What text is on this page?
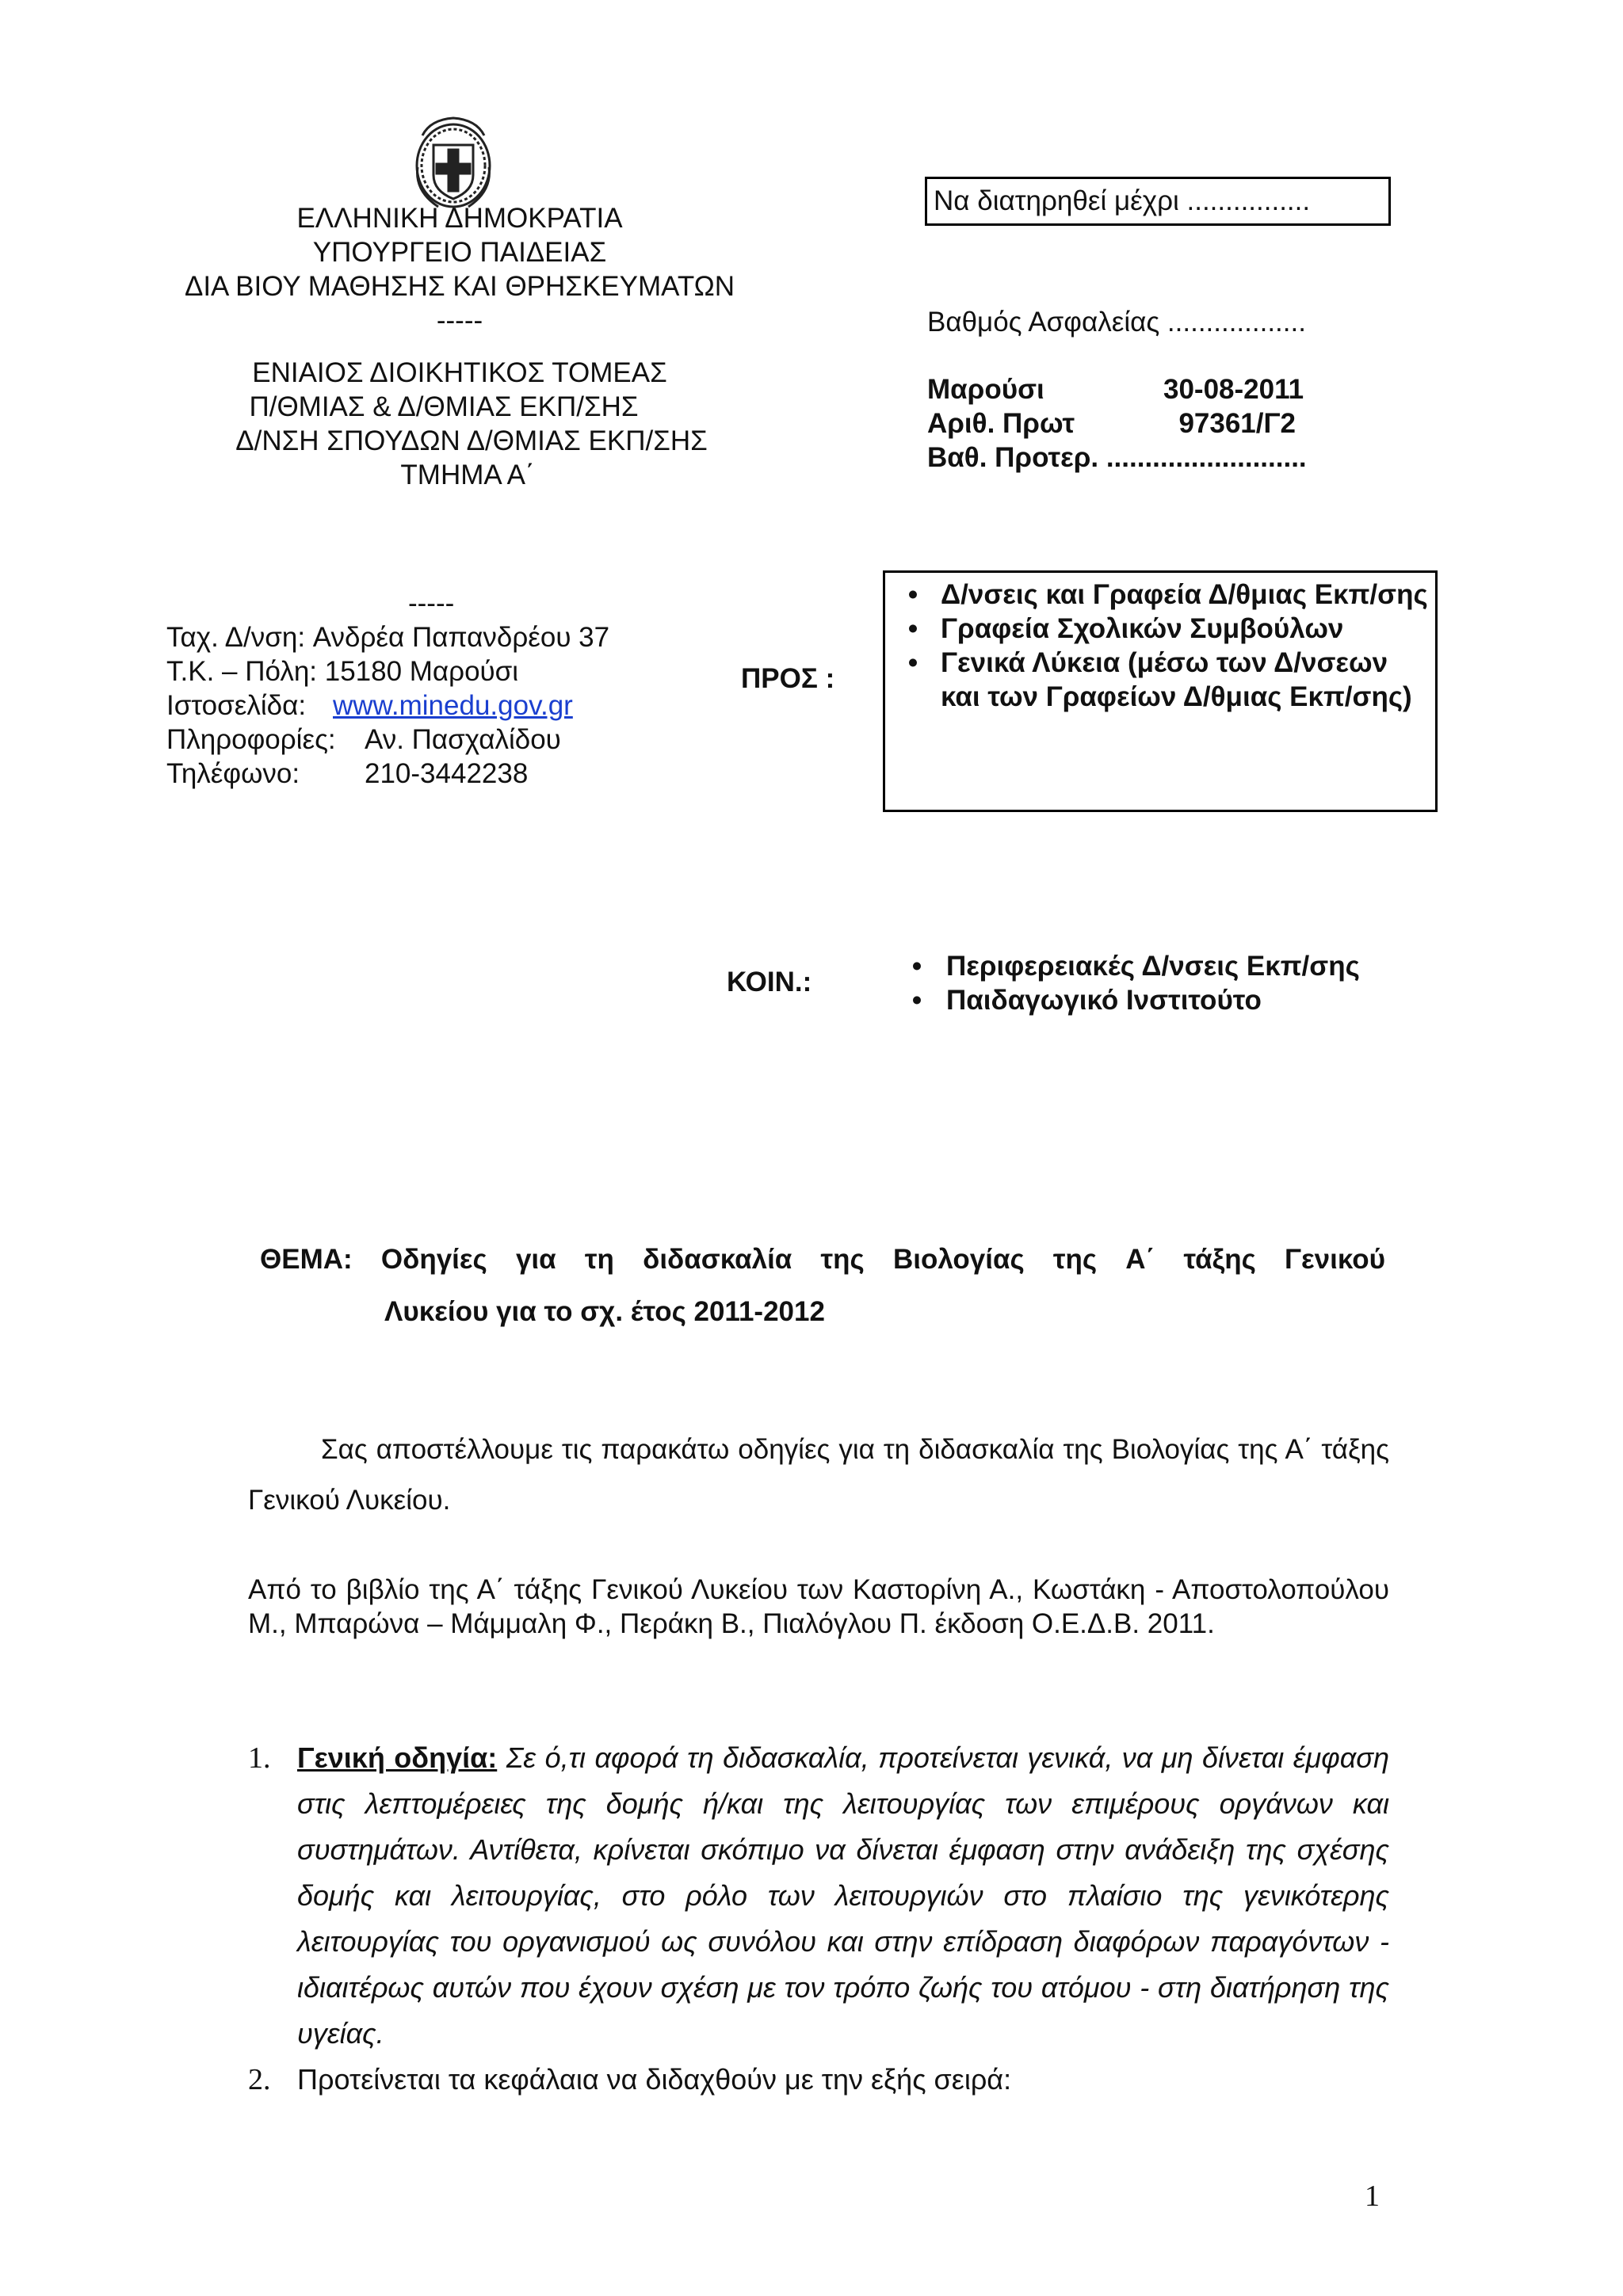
ΕΛΛΗΝΙΚΗ ΔΗΜΟΚΡΑΤΙΑ
ΥΠΟΥΡΓΕΙΟ ΠΑΙΔΕΙΑΣ
ΔΙΑ ΒΙΟΥ ΜΑΘΗΣΗΣ ΚΑΙ ΘΡΗΣΚΕΥΜΑΤΩΝ
-----
ΕΝΙΑΙΟΣ ΔΙΟΙΚΗΤΙΚΟΣ ΤΟΜΕΑΣ
Π/ΘΜΙΑΣ & Δ/ΘΜΙΑΣ ΕΚΠ/ΣΗΣ
Δ/ΝΣΗ ΣΠΟΥΔΩΝ Δ/ΘΜΙΑΣ ΕΚΠ/ΣΗΣ
ΤΜΗΜΑ Α΄
Να διατηρηθεί μέχρι ................
Βαθμός Ασφαλείας ..................
Μαρούσι	30-08-2011
Αριθ. Πρωτ	97361/Γ2
Βαθ. Προτερ. ..........................
-----
Ταχ. Δ/νση:
Ανδρέα Παπανδρέου 37
Τ.Κ. – Πόλη: 15180 Μαρούσι
Ιστοσελίδα: www.minedu.gov.gr
Πληροφορίες:	Αν. Πασχαλίδου
Τηλέφωνο:	210-3442238
ΠΡΟΣ :
• Δ/νσεις και Γραφεία Δ/θμιας Εκπ/σης
• Γραφεία Σχολικών Συμβούλων
• Γενικά Λύκεια (μέσω των Δ/νσεων και των Γραφείων Δ/θμιας Εκπ/σης)
ΚΟΙΝ.:
• Περιφερειακές Δ/νσεις Εκπ/σης
• Παιδαγωγικό Ινστιτούτο
ΘΕΜΑ: Οδηγίες για τη διδασκαλία της Βιολογίας της Α΄ τάξης Γενικού
Λυκείου για το σχ. έτος 2011-2012

Σας αποστέλλουμε τις παρακάτω οδηγίες για τη διδασκαλία της Βιολογίας της Α΄ τάξης Γενικού Λυκείου.

Από το βιβλίο της Α΄ τάξης Γενικού Λυκείου των Καστορίνη Α., Κωστάκη - Αποστολοπούλου Μ., Μπαρώνα – Μάμμαλη Φ., Περάκη Β., Πιαλόγλου Π. έκδοση Ο.Ε.Δ.Β. 2011.

1. Γενική οδηγία: Σε ό,τι αφορά τη διδασκαλία, προτείνεται γενικά, να μη δίνεται έμφαση στις λεπτομέρειες της δομής ή/και της λειτουργίας των επιμέρους οργάνων και συστημάτων. Αντίθετα, κρίνεται σκόπιμο να δίνεται έμφαση στην ανάδειξη της σχέσης δομής και λειτουργίας, στο ρόλο των λειτουργιών στο πλαίσιο της γενικότερης λειτουργίας του οργανισμού ως συνόλου και στην επίδραση διαφόρων παραγόντων - ιδιαιτέρως αυτών που έχουν σχέση με τον τρόπο ζωής του ατόμου - στη διατήρηση της υγείας.
2. Προτείνεται τα κεφάλαια να διδαχθούν με την εξής σειρά:
1
